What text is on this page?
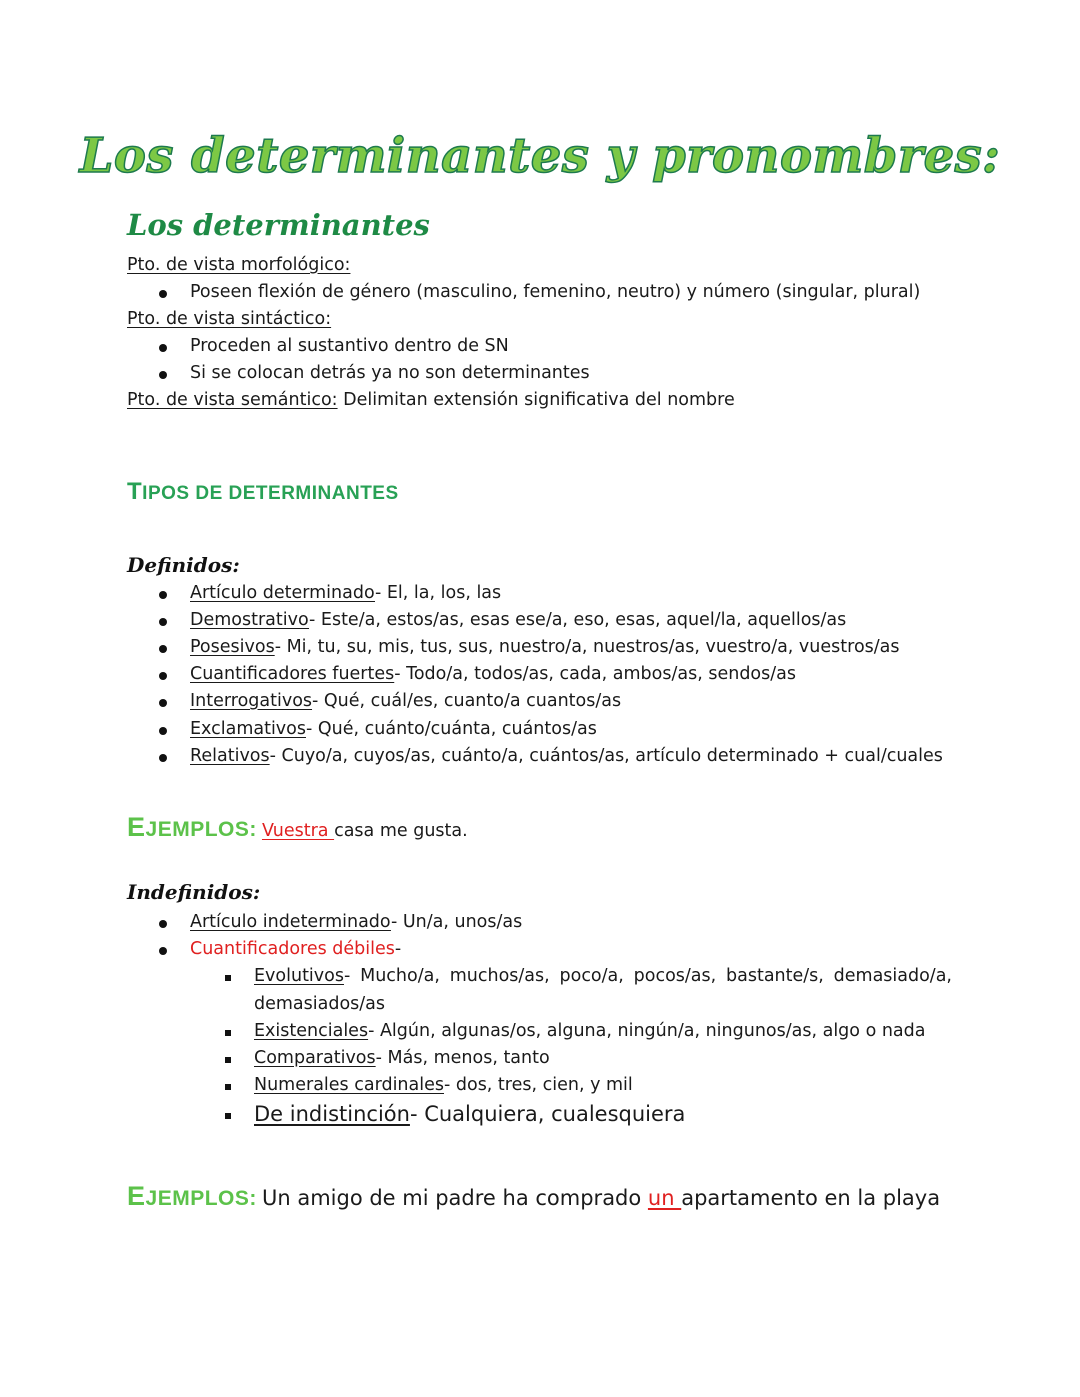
Los determinantes y pronombres:
Los determinantes
Pto. de vista morfológico:
Poseen flexión de género (masculino, femenino, neutro) y número (singular, plural)
Pto. de vista sintáctico:
Proceden al sustantivo dentro de SN
Si se colocan detrás ya no son determinantes
Pto. de vista semántico: Delimitan extensión significativa del nombre
TIPOS DE DETERMINANTES
Definidos:
Artículo determinado- El, la, los, las
Demostrativo- Este/a, estos/as, esas ese/a, eso, esas, aquel/la, aquellos/as
Posesivos- Mi, tu, su, mis, tus, sus, nuestro/a, nuestros/as, vuestro/a, vuestros/as
Cuantificadores fuertes- Todo/a, todos/as, cada, ambos/as, sendos/as
Interrogativos- Qué, cuál/es, cuanto/a cuantos/as
Exclamativos- Qué, cuánto/cuánta, cuántos/as
Relativos- Cuyo/a, cuyos/as, cuánto/a, cuántos/as, artículo determinado + cual/cuales
EJEMPLOS: Vuestra casa me gusta.
Indefinidos:
Artículo indeterminado- Un/a, unos/as
Cuantificadores débiles-
Evolutivos- Mucho/a, muchos/as, poco/a, pocos/as, bastante/s, demasiado/a,
demasiados/as
Existenciales- Algún, algunas/os, alguna, ningún/a, ningunos/as, algo o nada
Comparativos- Más, menos, tanto
Numerales cardinales- dos, tres, cien, y mil
De indistinción- Cualquiera, cualesquiera
EJEMPLOS: Un amigo de mi padre ha comprado un apartamento en la playa
